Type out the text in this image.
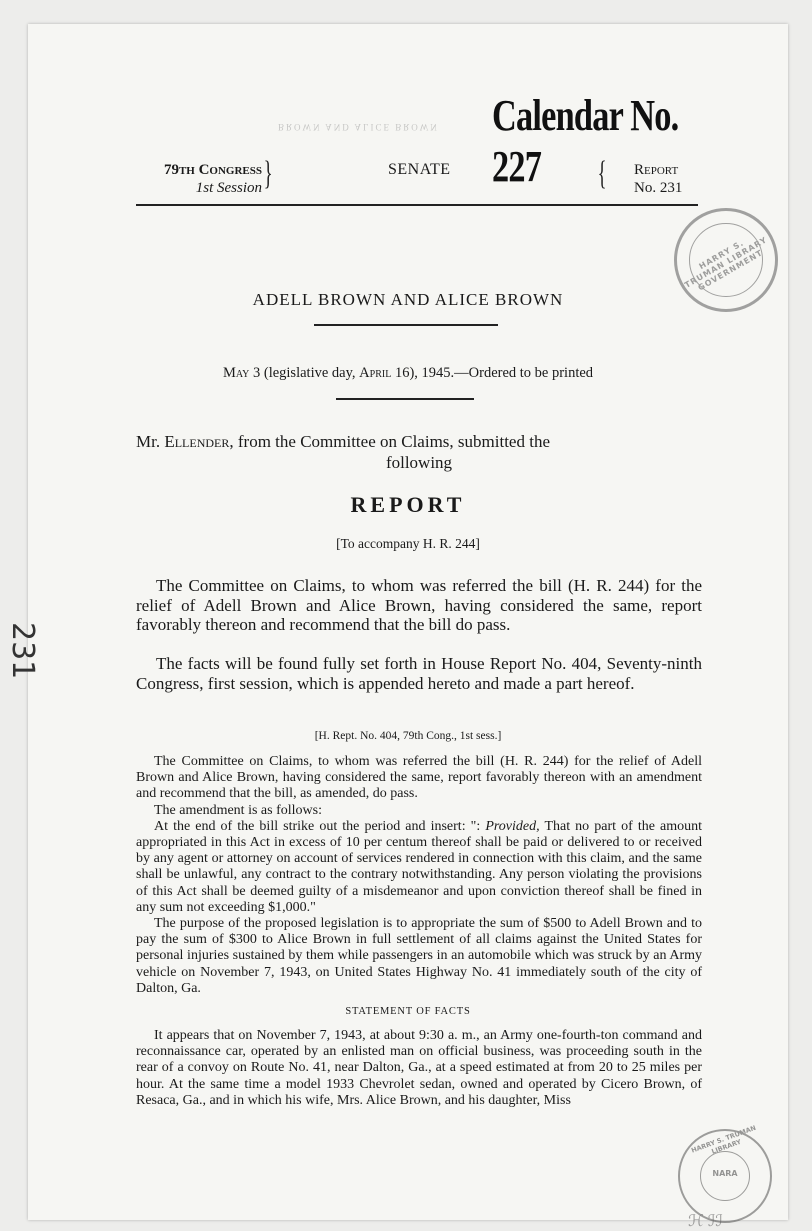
BROWN AND ALICE BROWN Calendar No. 227
79th Congress
1st Session }	SENATE	{ Report
No. 231
ADELL BROWN AND ALICE BROWN
May 3 (legislative day, April 16), 1945.—Ordered to be printed
Mr. Ellender, from the Committee on Claims, submitted the
following
REPORT
[To accompany H. R. 244]
The Committee on Claims, to whom was referred the bill (H. R. 244) for the relief of Adell Brown and Alice Brown, having considered the same, report favorably thereon and recommend that the bill do pass.
The facts will be found fully set forth in House Report No. 404, Seventy-ninth Congress, first session, which is appended hereto and made a part hereof.
[H. Rept. No. 404, 79th Cong., 1st sess.]

The Committee on Claims, to whom was referred the bill (H. R. 244) for the relief of Adell Brown and Alice Brown, having considered the same, report favorably thereon with an amendment and recommend that the bill, as amended, do pass.

The amendment is as follows:

At the end of the bill strike out the period and insert: ": Provided, That no part of the amount appropriated in this Act in excess of 10 per centum thereof shall be paid or delivered to or received by any agent or attorney on account of services rendered in connection with this claim, and the same shall be unlawful, any contract to the contrary notwithstanding. Any person violating the provisions of this Act shall be deemed guilty of a misdemeanor and upon conviction thereof shall be fined in any sum not exceeding $1,000."

The purpose of the proposed legislation is to appropriate the sum of $500 to Adell Brown and to pay the sum of $300 to Alice Brown in full settlement of all claims against the United States for personal injuries sustained by them while passengers in an automobile which was struck by an Army vehicle on November 7, 1943, on United States Highway No. 41 immediately south of the city of Dalton, Ga.

STATEMENT OF FACTS

It appears that on November 7, 1943, at about 9:30 a. m., an Army one-fourth-ton command and reconnaissance car, operated by an enlisted man on official business, was proceeding south in the rear of a convoy on Route No. 41, near Dalton, Ga., at a speed estimated at from 20 to 25 miles per hour. At the same time a model 1933 Chevrolet sedan, owned and operated by Cicero Brown, of Resaca, Ga., and in which his wife, Mrs. Alice Brown, and his daughter, Miss

231
HARRY S. TRUMAN LIBRARY GOVERNMENT
HARRY S. TRUMAN LIBRARY
NARA
ℋ ℐℐ
